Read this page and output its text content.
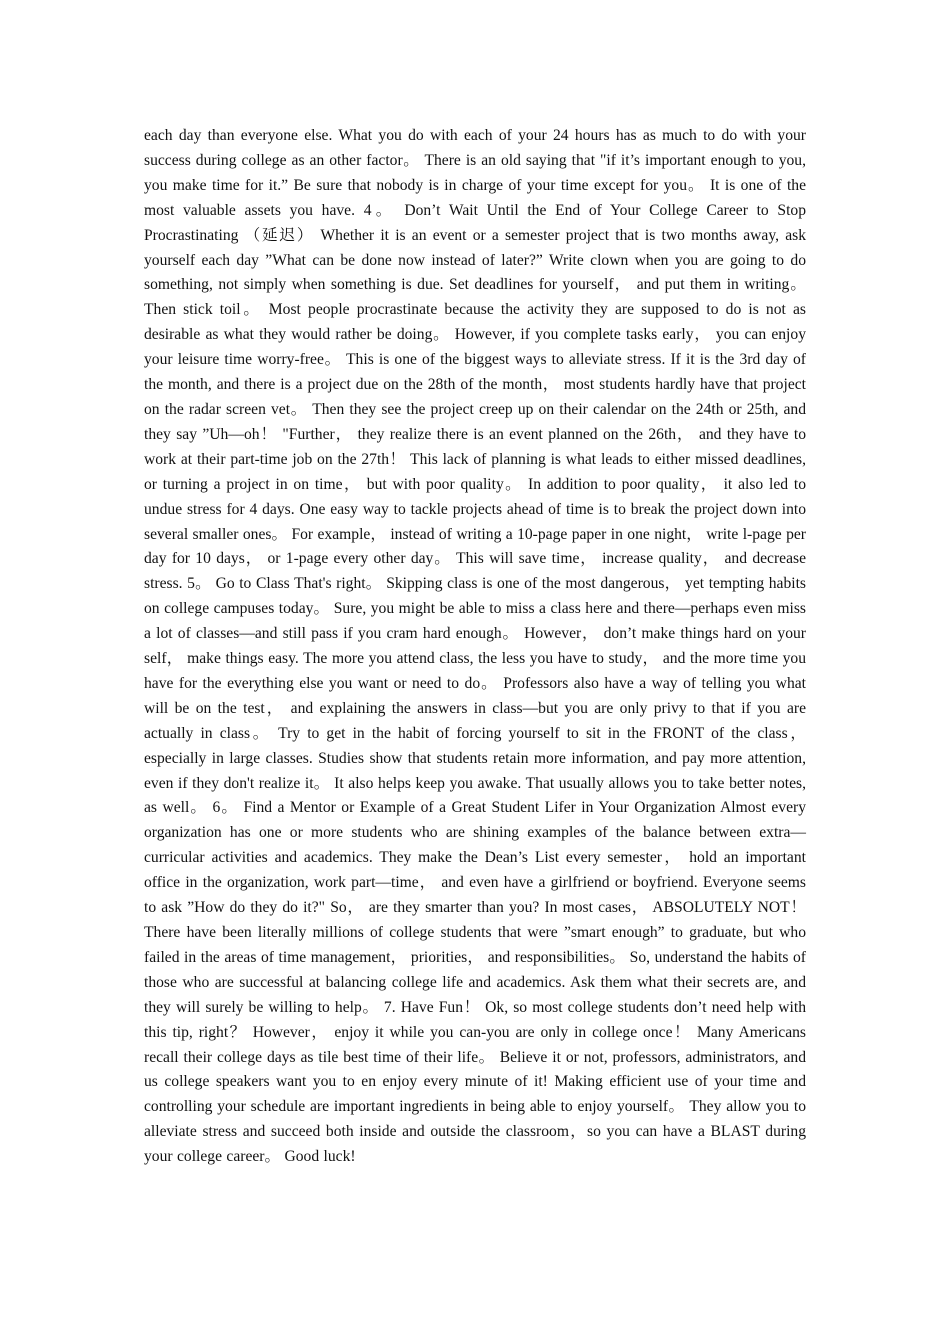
each day than everyone else. What you do with each of your 24 hours has as much to do with your success during college as an other factor。 There is an old saying that "if it’s important enough to you, you make time for it.” Be sure that nobody is in charge of your time except for you。 It is one of the most valuable assets you have. 4。 Don’t Wait Until the End of Your College Career to Stop Procrastinating （延迟） Whether it is an event or a semester project that is two months away, ask yourself each day ”What can be done now instead of later?” Write clown when you are going to do something, not simply when something is due. Set deadlines for yourself， and put them in writing。 Then stick toil。 Most people procrastinate because the activity they are supposed to do is not as desirable as what they would rather be doing。 However, if you complete tasks early， you can enjoy your leisure time worry-free。 This is one of the biggest ways to alleviate stress. If it is the 3rd day of the month, and there is a project due on the 28th of the month， most students hardly have that project on the radar screen vet。 Then they see the project creep up on their calendar on the 24th or 25th, and they say ”Uh—oh！ "Further， they realize there is an event planned on the 26th， and they have to work at their part-time job on the 27th！ This lack of planning is what leads to either missed deadlines, or turning a project in on time， but with poor quality。 In addition to poor quality， it also led to undue stress for 4 days. One easy way to tackle projects ahead of time is to break the project down into several smaller ones。 For example， instead of writing a 10-page paper in one night， write l-page per day for 10 days， or 1-page every other day。 This will save time， increase quality， and decrease stress. 5。 Go to Class That's right。 Skipping class is one of the most dangerous， yet tempting habits on college campuses today。 Sure, you might be able to miss a class here and there—perhaps even miss a lot of classes—and still pass if you cram hard enough。 However， don’t make things hard on your self， make things easy. The more you attend class, the less you have to study， and the more time you have for the everything else you want or need to do。 Professors also have a way of telling you what will be on the test， and explaining the answers in class—but you are only privy to that if you are actually in class。 Try to get in the habit of forcing yourself to sit in the FRONT of the class， especially in large classes. Studies show that students retain more information, and pay more attention, even if they don't realize it。 It also helps keep you awake. That usually allows you to take better notes, as well。 6。 Find a Mentor or Example of a Great Student Lifer in Your Organization Almost every organization has one or more students who are shining examples of the balance between extra—curricular activities and academics. They make the Dean’s List every semester， hold an important office in the organization, work part—time， and even have a girlfriend or boyfriend. Everyone seems to ask ”How do they do it?" So， are they smarter than you? In most cases， ABSOLUTELY NOT！ There have been literally millions of college students that were ”smart enough” to graduate, but who failed in the areas of time management， priorities， and responsibilities。 So, understand the habits of those who are successful at balancing college life and academics. Ask them what their secrets are, and they will surely be willing to help。 7. Have Fun！ Ok, so most college students don’t need help with this tip, right？ However， enjoy it while you can-you are only in college once！ Many Americans recall their college days as tile best time of their life。 Believe it or not, professors, administrators, and us college speakers want you to en enjoy every minute of it! Making efficient use of your time and controlling your schedule are important ingredients in being able to enjoy yourself。 They allow you to alleviate stress and succeed both inside and outside the classroom，so you can have a BLAST during your college career。 Good luck!
